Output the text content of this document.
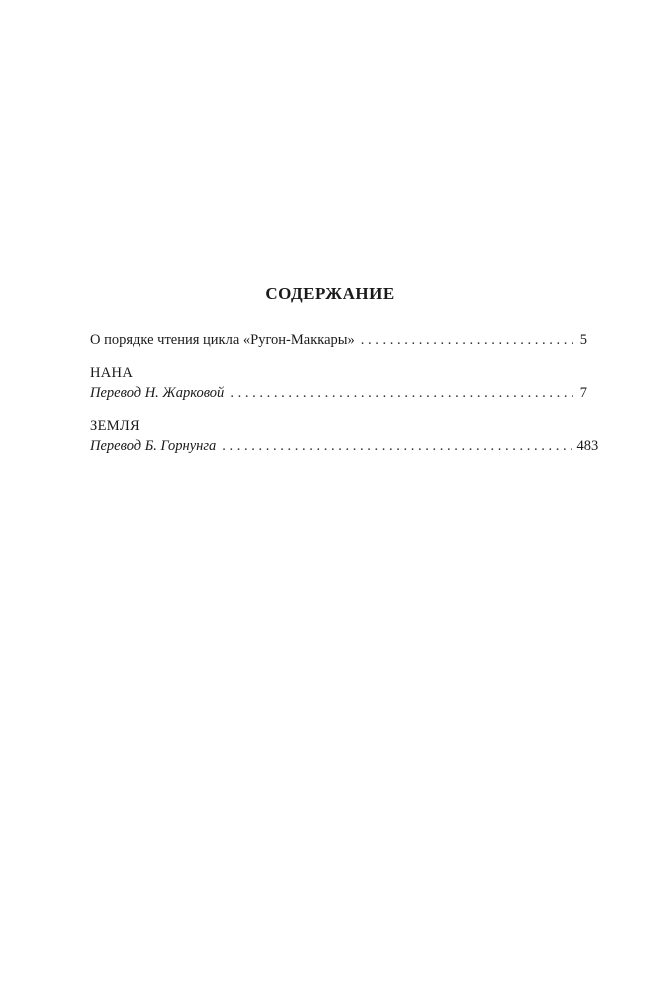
СОДЕРЖАНИЕ
О порядке чтения цикла «Ругон-Маккары» . . .	5
НАНА
Перевод Н. Жарковой . . .	7
ЗЕМЛЯ
Перевод Б. Горнунга . . .	483
